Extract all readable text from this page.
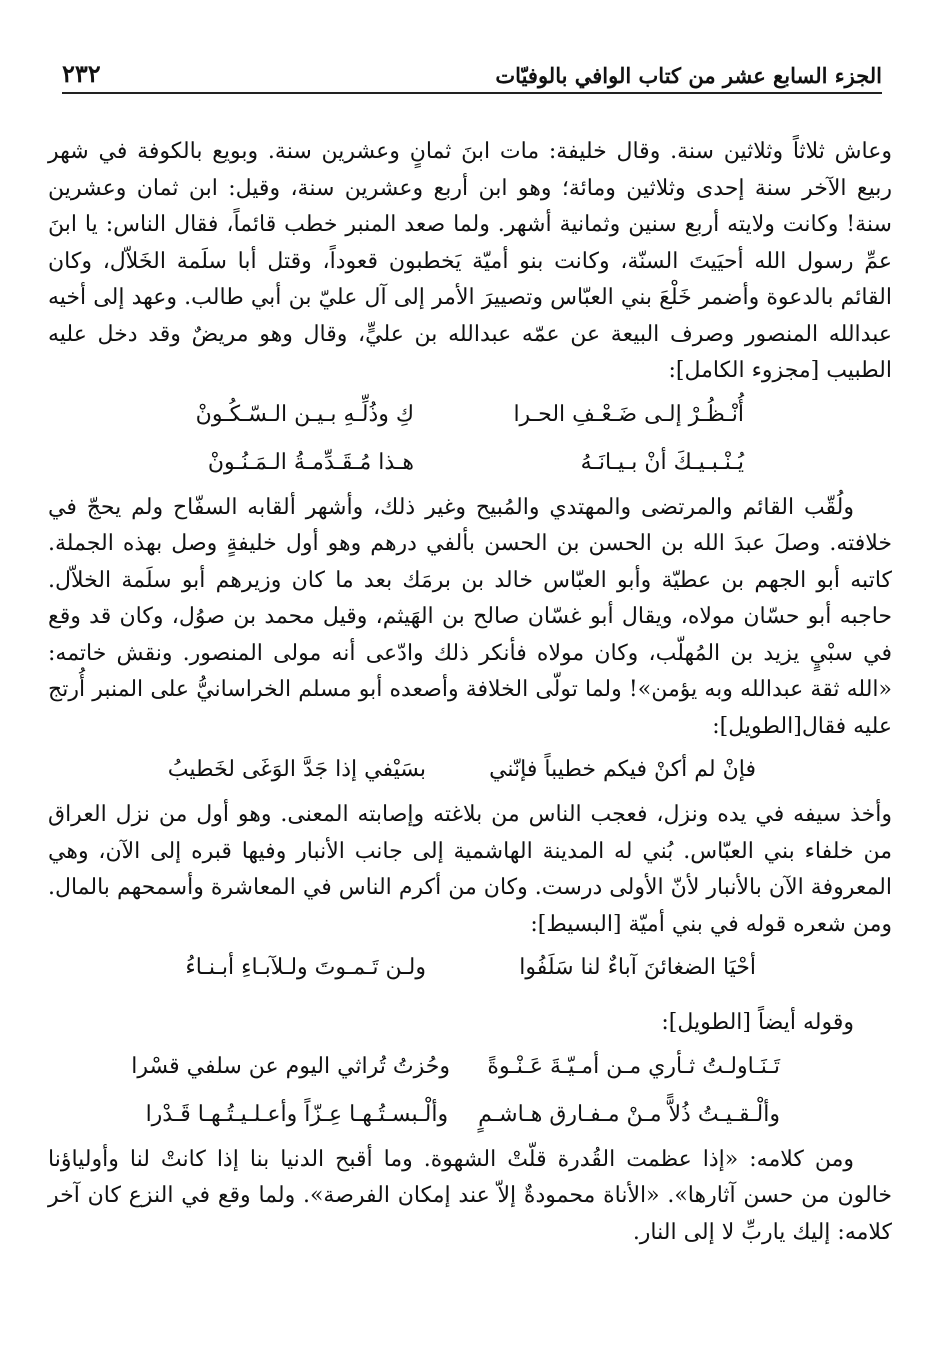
الجزء السابع عشر من كتاب الوافي بالوفيّات
٢٣٢

وعاش ثلاثاً وثلاثين سنة. وقال خليفة: مات ابنَ ثمانٍ وعشرين سنة. وبويع بالكوفة في شهر ربيع الآخر سنة إحدى وثلاثين ومائة؛ وهو ابن أربع وعشرين سنة، وقيل: ابن ثمان وعشرين سنة! وكانت ولايته أربع سنين وثمانية أشهر. ولما صعد المنبر خطب قائماً، فقال الناس: يا ابنَ عمِّ رسول الله أحيَيتَ السنّة، وكانت بنو أميّة يَخطبون قعوداً، وقتل أبا سلَمة الخَلاّل، وكان القائم بالدعوة وأضمر خَلْعَ بني العبّاس وتصييرَ الأمر إلى آل عليّ بن أبي طالب. وعهد إلى أخيه عبدالله المنصور وصرف البيعة عن عمّه عبدالله بن عليٍّ، وقال وهو مريضٌ وقد دخل عليه الطبيب [مجزوء الكامل]:

أُنْـظُـرْ إلـى ضَـعْـفِ الحـرا
كِ وذُلِّـهِ بـيـن الـسّـكُـونْ
يُـنْـبـيـكَ أنْ بـيـانَـهُ
هـذا مُـقَـدِّمـةُ الـمَـنُـونْ

ولُقّب القائم والمرتضى والمهتدي والمُبيح وغير ذلك، وأشهر ألقابه السفّاح ولم يحجّ في خلافته. وصلَ عبدَ الله بن الحسن بن الحسن بألفي درهم وهو أول خليفةٍ وصل بهذه الجملة. كاتبه أبو الجهم بن عطيّة وأبو العبّاس خالد بن برمَك بعد ما كان وزيرهم أبو سلَمة الخلاّل. حاجبه أبو حسّان مولاه، ويقال أبو غسّان صالح بن الهَيثم، وقيل محمد بن صوُل، وكان قد وقع في سبْيٍ يزيد بن المُهلّب، وكان مولاه فأنكر ذلك وادّعى أنه مولى المنصور. ونقش خاتمه: «الله ثقة عبدالله وبه يؤمن»! ولما تولّى الخلافة وأصعده أبو مسلم الخراسانيُّ على المنبر أُرتج عليه فقال[الطويل]:

فإنْ لم أكنْ فيكم خطيباً فإنّني
بسَيْفي إذا جَدَّ الوَغَى لخَطيبُ

وأخذ سيفه في يده ونزل، فعجب الناس من بلاغته وإصابته المعنى. وهو أول من نزل العراق من خلفاء بني العبّاس. بُني له المدينة الهاشمية إلى جانب الأنبار وفيها قبره إلى الآن، وهي المعروفة الآن بالأنبار لأنّ الأولى درست. وكان من أكرم الناس في المعاشرة وأسمحهم بالمال. ومن شعره قوله في بني أميّة [البسيط]:

أحْيَا الضغائنَ آباءٌ لنا سَلَفُوا
ولـن تَـمـوتَ ولـلآبـاءِ أبـنـاءُ

وقوله أيضاً [الطويل]:

تَـنَـاولـتُ ثـأري مـن أمـيّـةَ عَـنْـوةً
وحُزتُ تُراثي اليوم عن سلفي قسْرا
وألْـقـيـتُ ذُلاًّ مـنْ مـفـارق هـاشـمٍ
وألْـبسـتُـهـا عِـزّاً وأعـلـيـتُـهـا قَـدْرا

ومن كلامه: «إذا عظمت القُدرة قلّتْ الشهوة. وما أقبح الدنيا بنا إذا كانتْ لنا وأولياؤنا خالون من حسن آثارها». «الأناة محمودةٌ إلاّ عند إمكان الفرصة». ولما وقع في النزع كان آخر كلامه: إليك ياربِّ لا إلى النار.
